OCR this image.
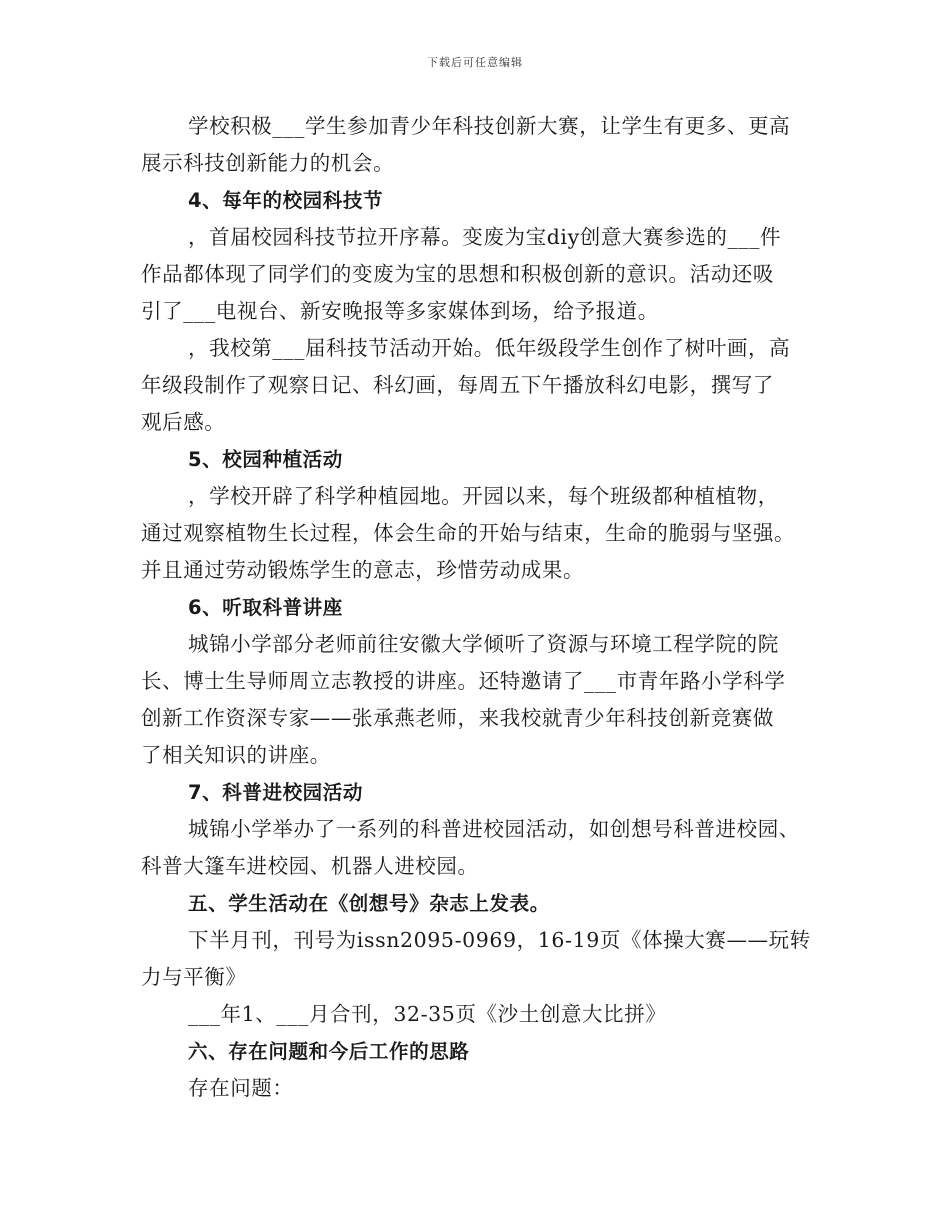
下载后可任意编辑
学校积极___学生参加青少年科技创新大赛，让学生有更多、更高
展示科技创新能力的机会。
4、每年的校园科技节
，首届校园科技节拉开序幕。变废为宝diy创意大赛参选的___件
作品都体现了同学们的变废为宝的思想和积极创新的意识。活动还吸
引了___电视台、新安晚报等多家媒体到场，给予报道。
，我校第___届科技节活动开始。低年级段学生创作了树叶画，高
年级段制作了观察日记、科幻画，每周五下午播放科幻电影，撰写了
观后感。
5、校园种植活动
，学校开辟了科学种植园地。开园以来，每个班级都种植植物，
通过观察植物生长过程，体会生命的开始与结束，生命的脆弱与坚强。
并且通过劳动锻炼学生的意志，珍惜劳动成果。
6、听取科普讲座
城锦小学部分老师前往安徽大学倾听了资源与环境工程学院的院
长、博士生导师周立志教授的讲座。还特邀请了___市青年路小学科学
创新工作资深专家——张承燕老师，来我校就青少年科技创新竞赛做
了相关知识的讲座。
7、科普进校园活动
城锦小学举办了一系列的科普进校园活动，如创想号科普进校园、
科普大篷车进校园、机器人进校园。
五、学生活动在《创想号》杂志上发表。
下半月刊，刊号为issn2095-0969，16-19页《体操大赛——玩转
力与平衡》
___年1、___月合刊，32-35页《沙土创意大比拼》
六、存在问题和今后工作的思路
存在问题：
